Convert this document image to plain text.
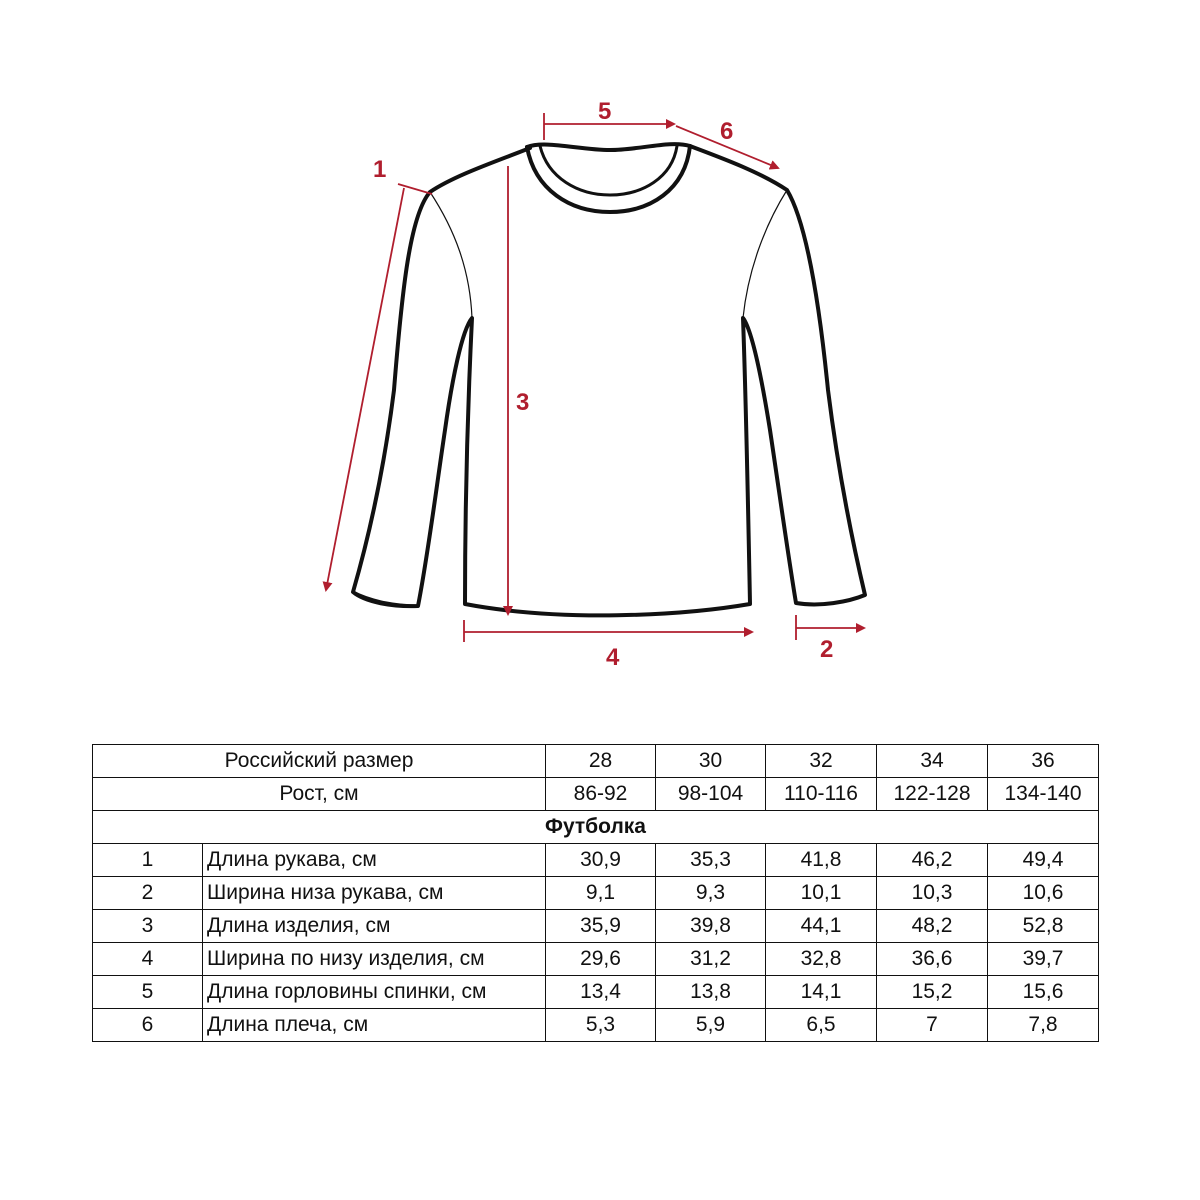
1
2
3
4
5
6
Российский размер		28	30	32	34	36
Рост, см		86-92	98-104	110-116	122-128	134-140
Футболка						
1	Длина рукава, см	30,9	35,3	41,8	46,2	49,4
2	Ширина низа рукава, см	9,1	9,3	10,1	10,3	10,6
3	Длина изделия, см	35,9	39,8	44,1	48,2	52,8
4	Ширина по низу изделия, см	29,6	31,2	32,8	36,6	39,7
5	Длина горловины спинки, см	13,4	13,8	14,1	15,2	15,6
6	Длина плеча, см	5,3	5,9	6,5	7	7,8
